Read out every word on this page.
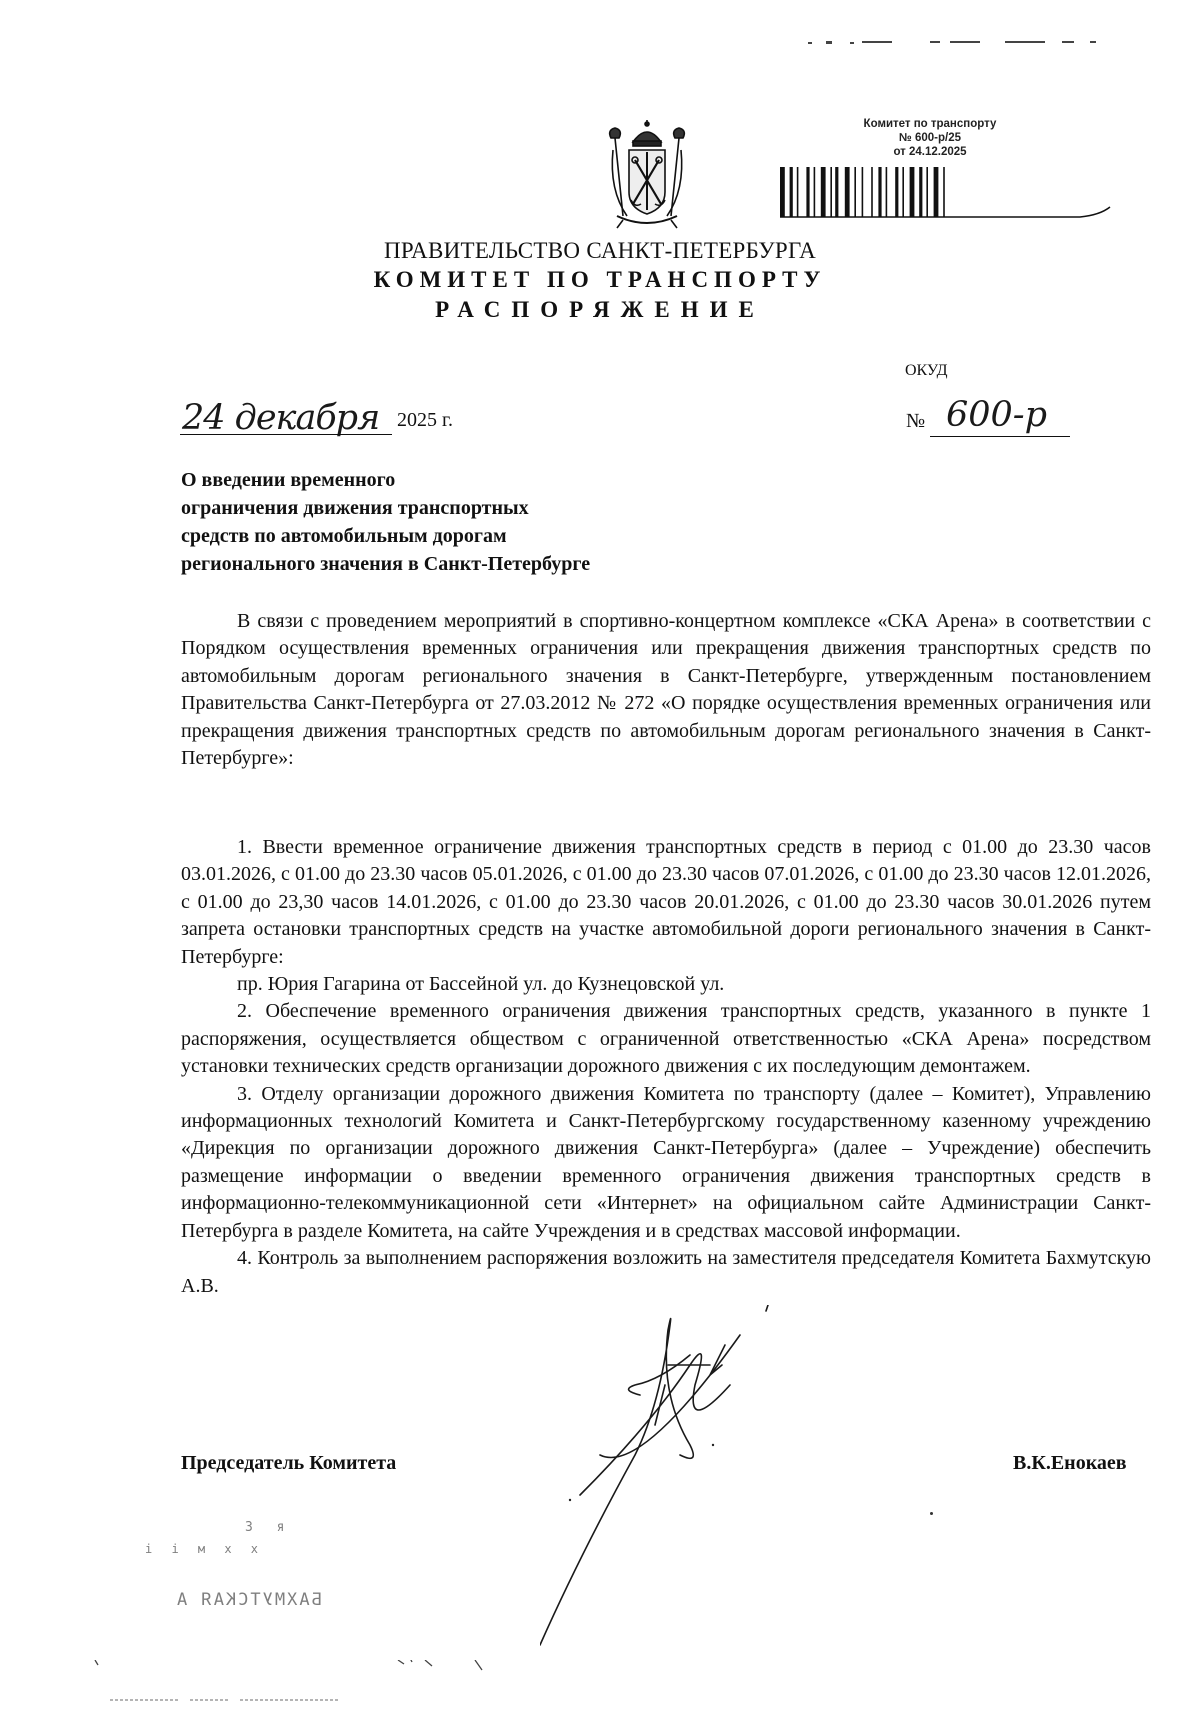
Комитет по транспорту
№ 600-р/25
от 24.12.2025
ПРАВИТЕЛЬСТВО САНКТ-ПЕТЕРБУРГА
КОМИТЕТ ПО ТРАНСПОРТУ
РАСПОРЯЖЕНИЕ
ОКУД
24 декабря 2025 г.	№ 600-р
О введении временного
ограничения движения транспортных
средств по автомобильным дорогам
регионального значения в Санкт-Петербурге
В связи с проведением мероприятий в спортивно-концертном комплексе «СКА Арена» в соответствии с Порядком осуществления временных ограничения или прекращения движения транспортных средств по автомобильным дорогам регионального значения в Санкт-Петербурге, утвержденным постановлением Правительства Санкт-Петербурга от 27.03.2012 № 272 «О порядке осуществления временных ограничения или прекращения движения транспортных средств по автомобильным дорогам регионального значения в Санкт-Петербурге»:

1. Ввести временное ограничение движения транспортных средств в период с 01.00 до 23.30 часов 03.01.2026, с 01.00 до 23.30 часов 05.01.2026, с 01.00 до 23.30 часов 07.01.2026, с 01.00 до 23.30 часов 12.01.2026, с 01.00 до 23,30 часов 14.01.2026, с 01.00 до 23.30 часов 20.01.2026, с 01.00 до 23.30 часов 30.01.2026 путем запрета остановки транспортных средств на участке автомобильной дороги регионального значения в Санкт-Петербурге:

пр. Юрия Гагарина от Бассейной ул. до Кузнецовской ул.

2. Обеспечение временного ограничения движения транспортных средств, указанного в пункте 1 распоряжения, осуществляется обществом с ограниченной ответственностью «СКА Арена» посредством установки технических средств организации дорожного движения с их последующим демонтажем.

3. Отделу организации дорожного движения Комитета по транспорту (далее – Комитет), Управлению информационных технологий Комитета и Санкт-Петербургскому государственному казенному учреждению «Дирекция по организации дорожного движения Санкт-Петербурга» (далее – Учреждение) обеспечить размещение информации о введении временного ограничения движения транспортных средств в информационно-телекоммуникационной сети «Интернет» на официальном сайте Администрации Санкт-Петербурга в разделе Комитета, на сайте Учреждения и в средствах массовой информации.

4. Контроль за выполнением распоряжения возложить на заместителя председателя Комитета Бахмутскую А.В.

Председатель Комитета	В.К.Енокаев
3 я
і і м х х
БАХМУТСКАЯ А
